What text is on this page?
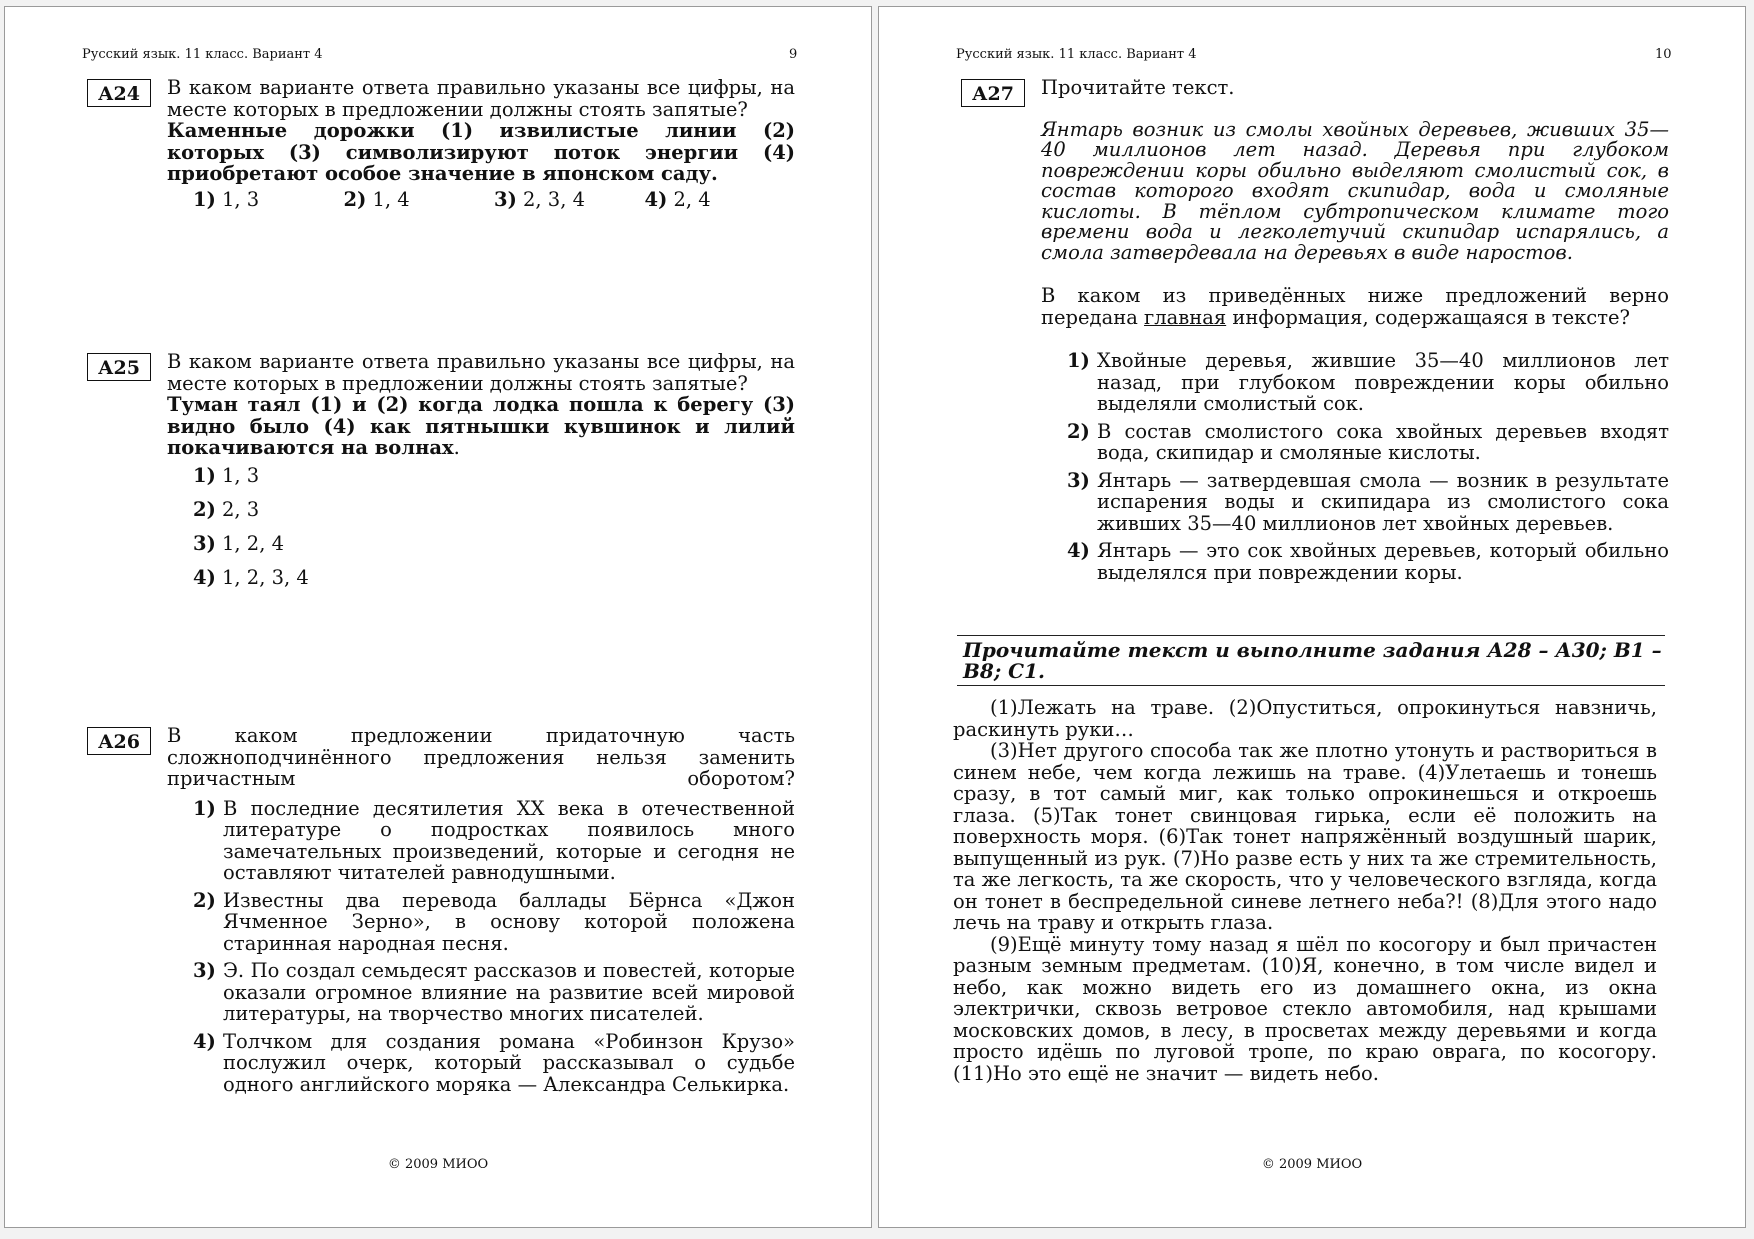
Русский язык. 11 класс. Вариант 4	9
А24	В каком варианте ответа правильно указаны все цифры, на месте которых в предложении должны стоять запятые?

Каменные дорожки (1) извилистые линии (2) которых (3) символизируют поток энергии (4) приобретают особое значение в японском саду.

1) 1, 3	2) 1, 4	3) 2, 3, 4	4) 2, 4
А25	В каком варианте ответа правильно указаны все цифры, на месте которых в предложении должны стоять запятые?

Туман таял (1) и (2) когда лодка пошла к берегу (3) видно было (4) как пятнышки кувшинок и лилий покачиваются на волнах.

1) 1, 3
2) 2, 3
3) 1, 2, 4
4) 1, 2, 3, 4
А26	В каком предложении придаточную часть сложноподчинённого предложения нельзя заменить причастным оборотом?

1) В последние десятилетия XX века в отечественной литературе о подростках появилось много замечательных произведений, которые и сегодня не оставляют читателей равнодушными.
2) Известны два перевода баллады Бёрнса «Джон Ячменное Зерно», в основу которой положена старинная народная песня.
3) Э. По создал семьдесят рассказов и повестей, которые оказали огромное влияние на развитие всей мировой литературы, на творчество многих писателей.
4) Толчком для создания романа «Робинзон Крузо» послужил очерк, который рассказывал о судьбе одного английского моряка — Александра Селькирка.
© 2009 МИОО
Русский язык. 11 класс. Вариант 4	10
А27	Прочитайте текст.

Янтарь возник из смолы хвойных деревьев, живших 35—40 миллионов лет назад. Деревья при глубоком повреждении коры обильно выделяют смолистый сок, в состав которого входят скипидар, вода и смоляные кислоты. В тёплом субтропическом климате того времени вода и легколетучий скипидар испарялись, а смола затвердевала на деревьях в виде наростов.

В каком из приведённых ниже предложений верно передана главная информация, содержащаяся в тексте?

1) Хвойные деревья, жившие 35—40 миллионов лет назад, при глубоком повреждении коры обильно выделяли смолистый сок.
2) В состав смолистого сока хвойных деревьев входят вода, скипидар и смоляные кислоты.
3) Янтарь — затвердевшая смола — возник в результате испарения воды и скипидара из смолистого сока живших 35—40 миллионов лет хвойных деревьев.
4) Янтарь — это сок хвойных деревьев, который обильно выделялся при повреждении коры.
Прочитайте текст и выполните задания А28 – А30; В1 – В8; С1.

(1)Лежать на траве. (2)Опуститься, опрокинуться навзничь, раскинуть руки…

(3)Нет другого способа так же плотно утонуть и раствориться в синем небе, чем когда лежишь на траве. (4)Улетаешь и тонешь сразу, в тот самый миг, как только опрокинешься и откроешь глаза. (5)Так тонет свинцовая гирька, если её положить на поверхность моря. (6)Так тонет напряжённый воздушный шарик, выпущенный из рук. (7)Но разве есть у них та же стремительность, та же легкость, та же скорость, что у человеческого взгляда, когда он тонет в беспредельной синеве летнего неба?! (8)Для этого надо лечь на траву и открыть глаза.

(9)Ещё минуту тому назад я шёл по косогору и был причастен разным земным предметам. (10)Я, конечно, в том числе видел и небо, как можно видеть его из домашнего окна, из окна электрички, сквозь ветровое стекло автомобиля, над крышами московских домов, в лесу, в просветах между деревьями и когда просто идёшь по луговой тропе, по краю оврага, по косогору. (11)Но это ещё не значит — видеть небо.

© 2009 МИОО
